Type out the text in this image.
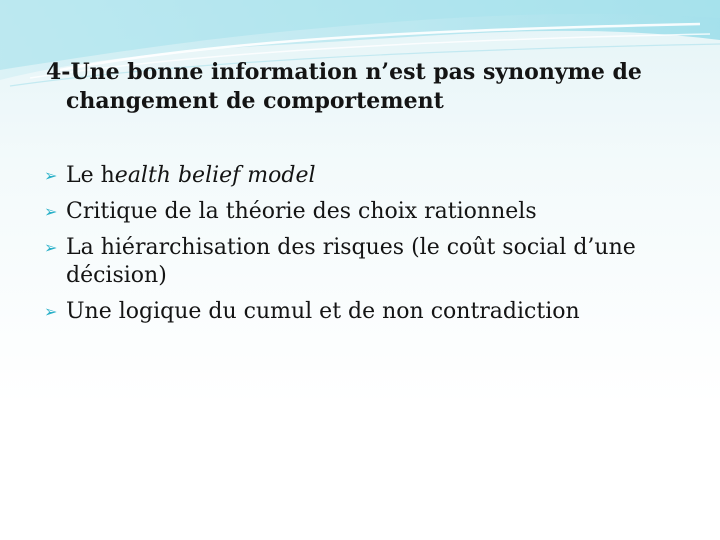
4-Une bonne information n’est pas synonyme de
changement de comportement
➢ Le health belief model
➢ Critique de la théorie des choix rationnels
➢ La hiérarchisation des risques (le coût social d’une
décision)
➢ Une logique du cumul et de non contradiction
